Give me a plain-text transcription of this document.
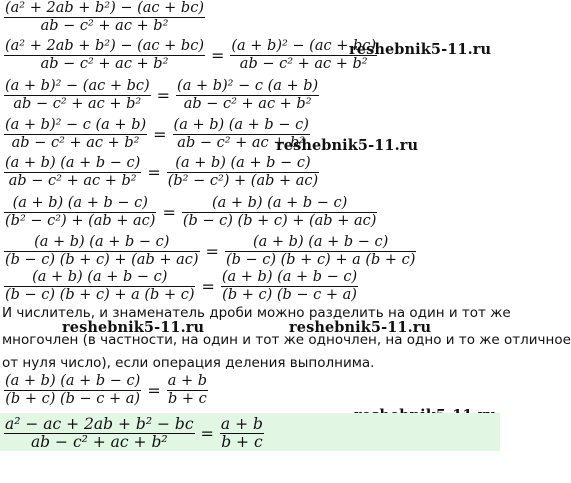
$\frac{\text{(a² + 2ab + b²) − (ac + bc)}}{\text{ab − c² + ac + b²}}$
$\frac{\text{(a² + 2ab + b²) − (ac + bc)}}{\text{ab − c² + ac + b²}} = \frac{\text{(a + b)² − (ac + bc)}}{\text{ab − c² + ac + b²}}$
reshebnik5-11.ru
$\frac{\text{(a + b)² − (ac + bc)}}{\text{ab − c² + ac + b²}} = \frac{\text{(a + b)² − c (a + b)}}{\text{ab − c² + ac + b²}}$
$\frac{\text{(a + b)² − c (a + b)}}{\text{ab − c² + ac + b²}} = \frac{(a + b) (a + b - c)}{\text{ab − c² + ac + b²}}$
reshebnik5-11.ru
$\frac{(a + b) (a + b - c)}{\text{ab − c² + ac + b²}} = \frac{(a + b) (a + b - c)}{\text{(b² − c²) + (ab + ac)}}$
$\frac{(a + b) (a + b - c)}{\text{(b² − c²) + (ab + ac)}} = \frac{(a + b) (a + b - c)}{(b - c) (b + c) + (ab + ac)}$
$\frac{(a + b) (a + b - c)}{(b - c) (b + c) + (ab + ac)} = \frac{(a + b) (a + b - c)}{(b - c) (b + c) + a (b + c)}$
$\frac{(a + b) (a + b - c)}{(b - c) (b + c) + a (b + c)} = \frac{(a + b) (a + b - c)}{(b + c) (b - c + a)}$
И числитель, и знаменатель дроби можно разделить на один и тот же
reshebnik5-11.ru	reshebnik5-11.ru
многочлен (в частности, на один и тот же одночлен, на одно и то же отличное
от нуля число), если операция деления выполнима.
$\frac{(a + b) (a + b - c)}{(b + c) (b - c + a)} = \frac{a + b}{b + c}$
$\frac{\text{a² − ac + 2ab + b² − bc}}{\text{ab − c² + ac + b²}} = \frac{a + b}{b + c}$
